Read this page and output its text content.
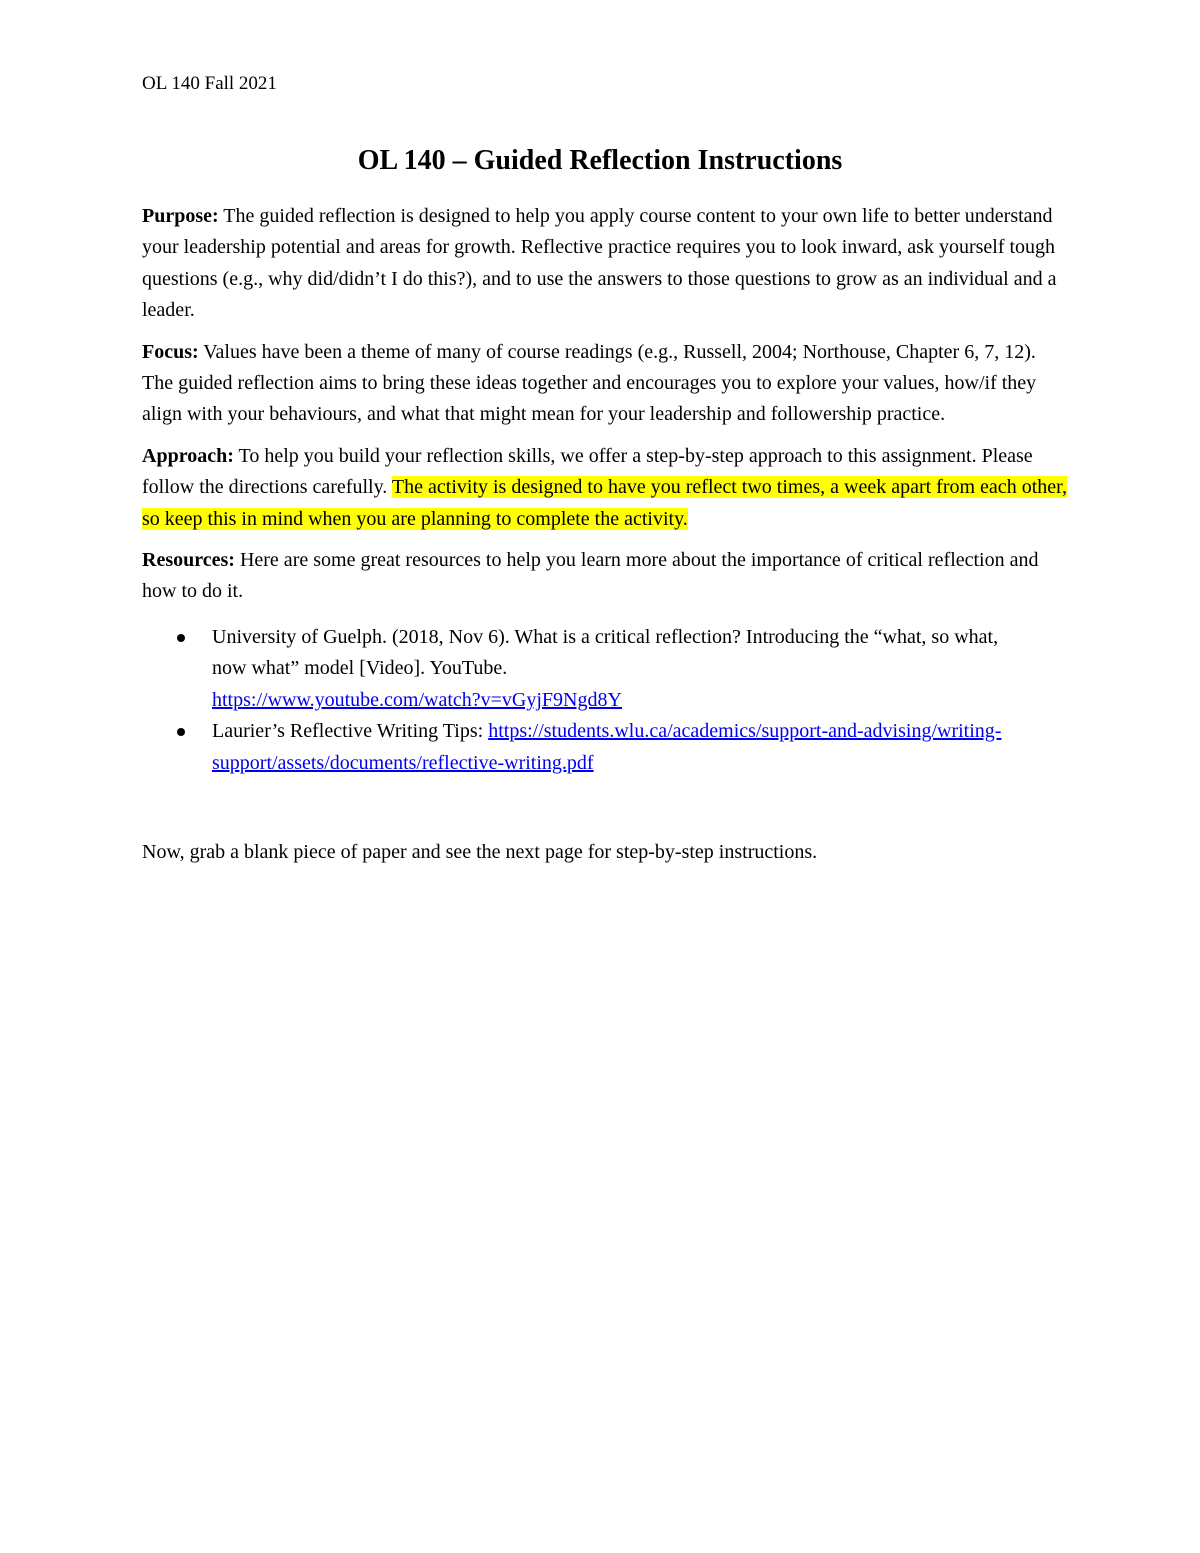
OL 140 Fall 2021
OL 140 – Guided Reflection Instructions

Purpose: The guided reflection is designed to help you apply course content to your own life to better understand your leadership potential and areas for growth. Reflective practice requires you to look inward, ask yourself tough questions (e.g., why did/didn’t I do this?), and to use the answers to those questions to grow as an individual and a leader.

Focus: Values have been a theme of many of course readings (e.g., Russell, 2004; Northouse, Chapter 6, 7, 12). The guided reflection aims to bring these ideas together and encourages you to explore your values, how/if they align with your behaviours, and what that might mean for your leadership and followership practice.

Approach: To help you build your reflection skills, we offer a step-by-step approach to this assignment. Please follow the directions carefully. The activity is designed to have you reflect two times, a week apart from each other, so keep this in mind when you are planning to complete the activity.

Resources: Here are some great resources to help you learn more about the importance of critical reflection and how to do it.

University of Guelph. (2018, Nov 6). What is a critical reflection? Introducing the “what, so what, now what” model [Video]. YouTube.
https://www.youtube.com/watch?v=vGyjF9Ngd8Y
Laurier’s Reflective Writing Tips: https://students.wlu.ca/academics/support-and-advising/writing-support/assets/documents/reflective-writing.pdf

Now, grab a blank piece of paper and see the next page for step-by-step instructions.
